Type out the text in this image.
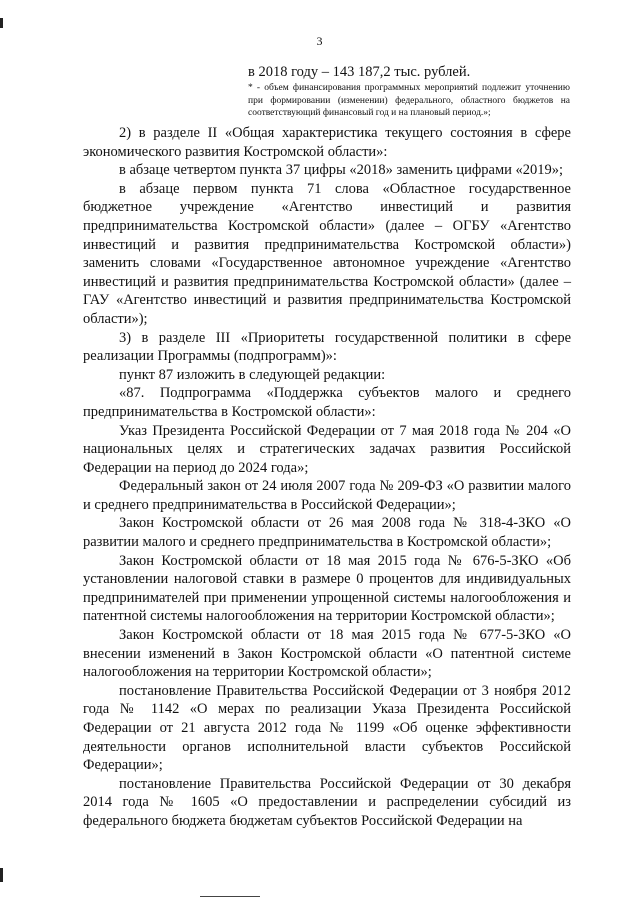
3
в 2018 году – 143 187,2 тыс. рублей.
* - объем финансирования программных мероприятий подлежит уточнению при формировании (изменении) федерального, областного бюджетов на соответствующий финансовый год и на плановый период.»;

2) в разделе II «Общая характеристика текущего состояния в сфере экономического развития Костромской области»:

в абзаце четвертом пункта 37 цифры «2018» заменить цифрами «2019»;

в абзаце первом пункта 71 слова «Областное государственное бюджетное учреждение «Агентство инвестиций и развития предпринимательства Костромской области» (далее – ОГБУ «Агентство инвестиций и развития предпринимательства Костромской области») заменить словами «Государственное автономное учреждение «Агентство инвестиций и развития предпринимательства Костромской области» (далее – ГАУ «Агентство инвестиций и развития предпринимательства Костромской области»);

3) в разделе III «Приоритеты государственной политики в сфере реализации Программы (подпрограмм)»:

пункт 87 изложить в следующей редакции:

«87. Подпрограмма «Поддержка субъектов малого и среднего предпринимательства в Костромской области»:

Указ Президента Российской Федерации от 7 мая 2018 года № 204 «О национальных целях и стратегических задачах развития Российской Федерации на период до 2024 года»;

Федеральный закон от 24 июля 2007 года № 209-ФЗ «О развитии малого и среднего предпринимательства в Российской Федерации»;

Закон Костромской области от 26 мая 2008 года № 318-4-ЗКО «О развитии малого и среднего предпринимательства в Костромской области»;

Закон Костромской области от 18 мая 2015 года № 676-5-ЗКО «Об установлении налоговой ставки в размере 0 процентов для индивидуальных предпринимателей при применении упрощенной системы налогообложения и патентной системы налогообложения на территории Костромской области»;

Закон Костромской области от 18 мая 2015 года № 677-5-ЗКО «О внесении изменений в Закон Костромской области «О патентной системе налогообложения на территории Костромской области»;

постановление Правительства Российской Федерации от 3 ноября 2012 года № 1142 «О мерах по реализации Указа Президента Российской Федерации от 21 августа 2012 года № 1199 «Об оценке эффективности деятельности органов исполнительной власти субъектов Российской Федерации»;

постановление Правительства Российской Федерации от 30 декабря 2014 года № 1605 «О предоставлении и распределении субсидий из федерального бюджета бюджетам субъектов Российской Федерации на
